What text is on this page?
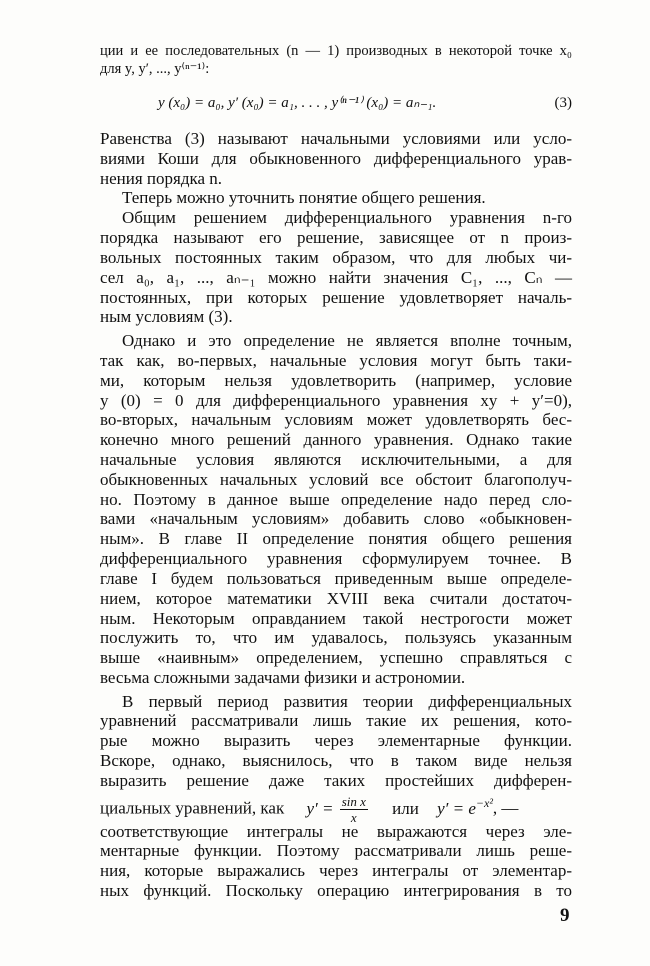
ции и ее последовательных (n — 1) производных в некоторой точке x₀
для y, y′, ..., y⁽ⁿ⁻¹⁾:
y (x₀) = a₀, y′ (x₀) = a₁, . . . , y⁽ⁿ⁻¹⁾ (x₀) = aₙ₋₁.	(3)
Равенства (3) называют начальными условиями или усло-
виями Коши для обыкновенного дифференциального урав-
нения порядка n.
Теперь можно уточнить понятие общего решения.
Общим решением дифференциального уравнения n-го
порядка называют его решение, зависящее от n произ-
вольных постоянных таким образом, что для любых чи-
сел a₀, a₁, ..., aₙ₋₁ можно найти значения C₁, ..., Cₙ —
постоянных, при которых решение удовлетворяет началь-
ным условиям (3).
Однако и это определение не является вполне точным,
так как, во-первых, начальные условия могут быть таки-
ми, которым нельзя удовлетворить (например, условие
y (0) = 0 для дифференциального уравнения xy + y′=0),
во-вторых, начальным условиям может удовлетворять бес-
конечно много решений данного уравнения. Однако такие
начальные условия являются исключительными, а для
обыкновенных начальных условий все обстоит благополуч-
но. Поэтому в данное выше определение надо перед сло-
вами «начальным условиям» добавить слово «обыкновен-
ным». В главе II определение понятия общего решения
дифференциального уравнения сформулируем точнее. В
главе I будем пользоваться приведенным выше определе-
нием, которое математики XVIII века считали достаточ-
ным. Некоторым оправданием такой нестрогости может
послужить то, что им удавалось, пользуясь указанным
выше «наивным» определением, успешно справляться с
весьма сложными задачами физики и астрономии.
В первый период развития теории дифференциальных
уравнений рассматривали лишь такие их решения, кото-
рые можно выразить через элементарные функции.
Вскоре, однако, выяснилось, что в таком виде нельзя
выразить решение даже таких простейших дифферен-
циальных уравнений, как $y' = \frac{\text{sin x}}{x}$ или $y' = e^{-x^2}$, —
соответствующие интегралы не выражаются через эле-
ментарные функции. Поэтому рассматривали лишь реше-
ния, которые выражались через интегралы от элементар-
ных функций. Поскольку операцию интегрирования в то
9
